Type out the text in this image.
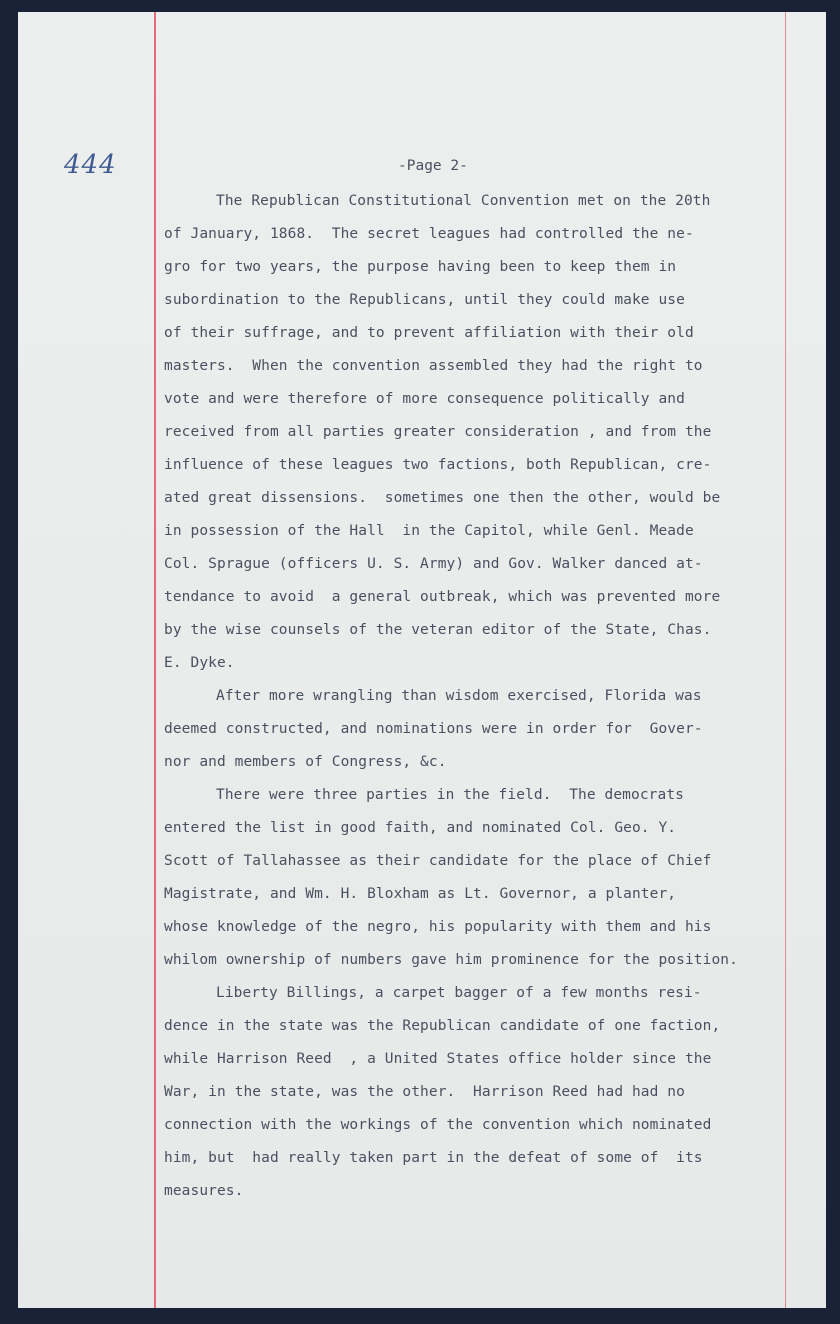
444	-Page 2-
The Republican Constitutional Convention met on the 20th
of January, 1868.  The secret leagues had controlled the ne-
gro for two years, the purpose having been to keep them in
subordination to the Republicans, until they could make use
of their suffrage, and to prevent affiliation with their old
masters.  When the convention assembled they had the right to
vote and were therefore of more consequence politically and
received from all parties greater consideration , and from the
influence of these leagues two factions, both Republican, cre-
ated great dissensions.  sometimes one then the other, would be
in possession of the Hall  in the Capitol, while Genl. Meade
Col. Sprague (officers U. S. Army) and Gov. Walker danced at-
tendance to avoid  a general outbreak, which was prevented more
by the wise counsels of the veteran editor of the State, Chas.
E. Dyke.
After more wrangling than wisdom exercised, Florida was
deemed constructed, and nominations were in order for  Gover-
nor and members of Congress, &c.
There were three parties in the field.  The democrats
entered the list in good faith, and nominated Col. Geo. Y.
Scott of Tallahassee as their candidate for the place of Chief
Magistrate, and Wm. H. Bloxham as Lt. Governor, a planter,
whose knowledge of the negro, his popularity with them and his
whilom ownership of numbers gave him prominence for the position.
Liberty Billings, a carpet bagger of a few months resi-
dence in the state was the Republican candidate of one faction,
while Harrison Reed  , a United States office holder since the
War, in the state, was the other.  Harrison Reed had had no
connection with the workings of the convention which nominated
him, but  had really taken part in the defeat of some of  its
measures.
